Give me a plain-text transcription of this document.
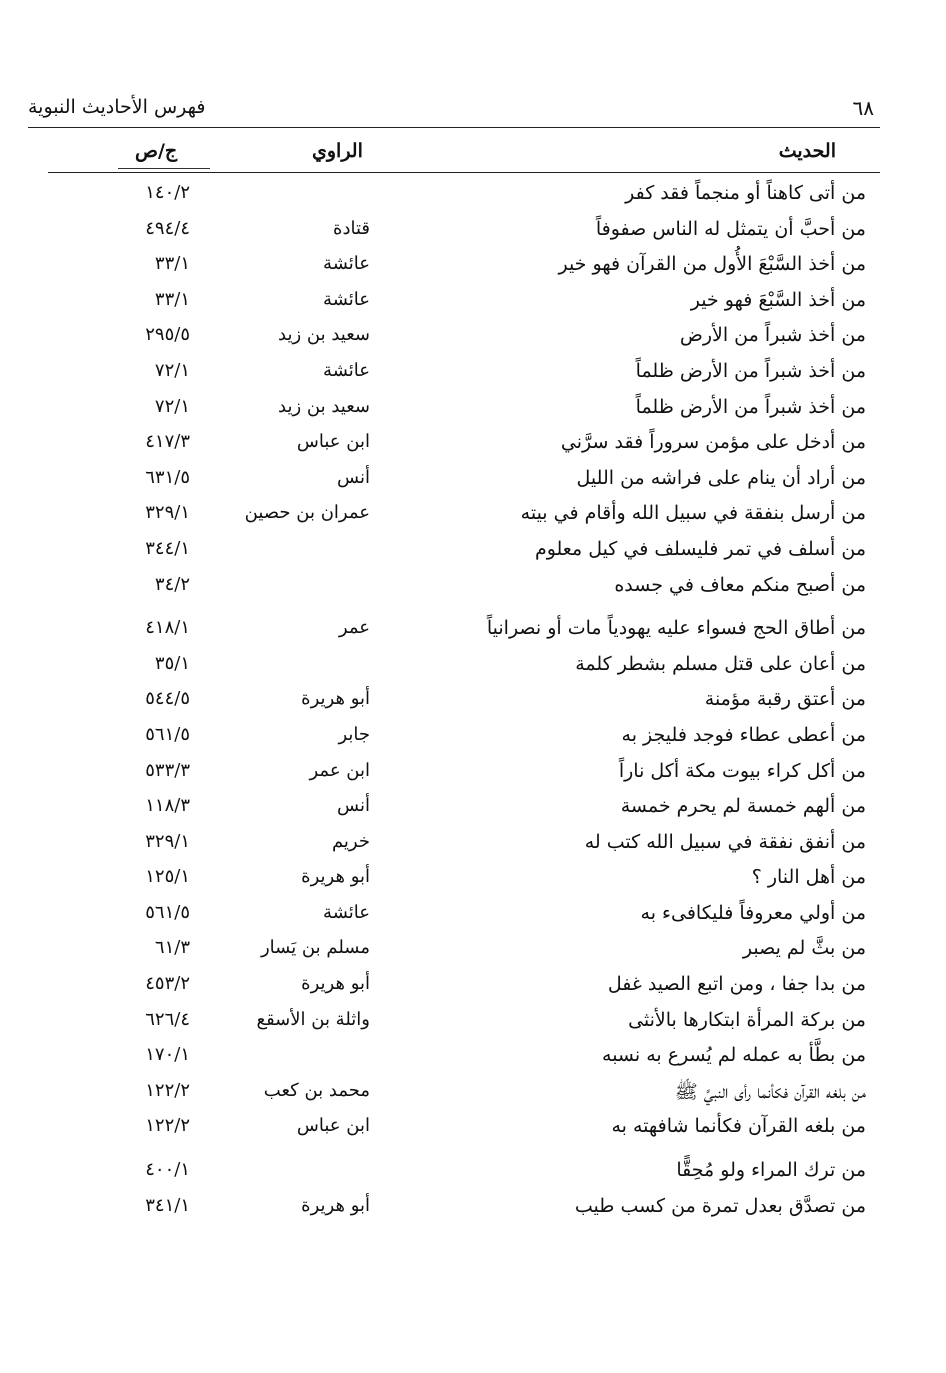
٦٨
فهرس الأحاديث النبوية
الحديث
الراوي
ج/ص
من أتى كاهناً أو منجماً فقد كفر
١٤٠/٢
من أحبَّ أن يتمثل له الناس صفوفاً
قتادة
٤٩٤/٤
من أخذ السَّبْعَ الأُول من القرآن فهو خير
عائشة
٣٣/١
من أخذ السَّبْعَ فهو خير
عائشة
٣٣/١
من أخذ شبراً من الأرض
سعيد بن زيد
٢٩٥/٥
من أخذ شبراً من الأرض ظلماً
عائشة
٧٢/١
من أخذ شبراً من الأرض ظلماً
سعيد بن زيد
٧٢/١
من أدخل على مؤمن سروراً فقد سرَّني
ابن عباس
٤١٧/٣
من أراد أن ينام على فراشه من الليل
أنس
٦٣١/٥
من أرسل بنفقة في سبيل الله وأقام في بيته
عمران بن حصين
٣٢٩/١
من أسلف في تمر فليسلف في كيل معلوم
٣٤٤/١
من أصبح منكم معاف في جسده
٣٤/٢
من أطاق الحج فسواء عليه يهودياً مات أو نصرانياً
عمر
٤١٨/١
من أعان على قتل مسلم بشطر كلمة
٣٥/١
من أعتق رقبة مؤمنة
أبو هريرة
٥٤٤/٥
من أعطى عطاء فوجد فليجز به
جابر
٥٦١/٥
من أكل كراء بيوت مكة أكل ناراً
ابن عمر
٥٣٣/٣
من ألهم خمسة لم يحرم خمسة
أنس
١١٨/٣
من أنفق نفقة في سبيل الله كتب له
خريم
٣٢٩/١
من أهل النار ؟
أبو هريرة
١٢٥/١
من أولي معروفاً فليكافىء به
عائشة
٥٦١/٥
من بثَّ لم يصبر
مسلم بن يَسار
٦١/٣
من بدا جفا ، ومن اتبع الصيد غفل
أبو هريرة
٤٥٣/٢
من بركة المرأة ابتكارها بالأنثى
واثلة بن الأسقع
٦٢٦/٤
من بطَّأ به عمله لم يُسرع به نسبه
١٧٠/١
من بلغه القرآن فكأنما رأى النبيَّ ﷺ
محمد بن كعب
١٢٢/٢
من بلغه القرآن فكأنما شافهته به
ابن عباس
١٢٢/٢
من ترك المراء ولو مُحِقًّا
٤٠٠/١
من تصدَّق بعدل تمرة من كسب طيب
أبو هريرة
٣٤١/١
